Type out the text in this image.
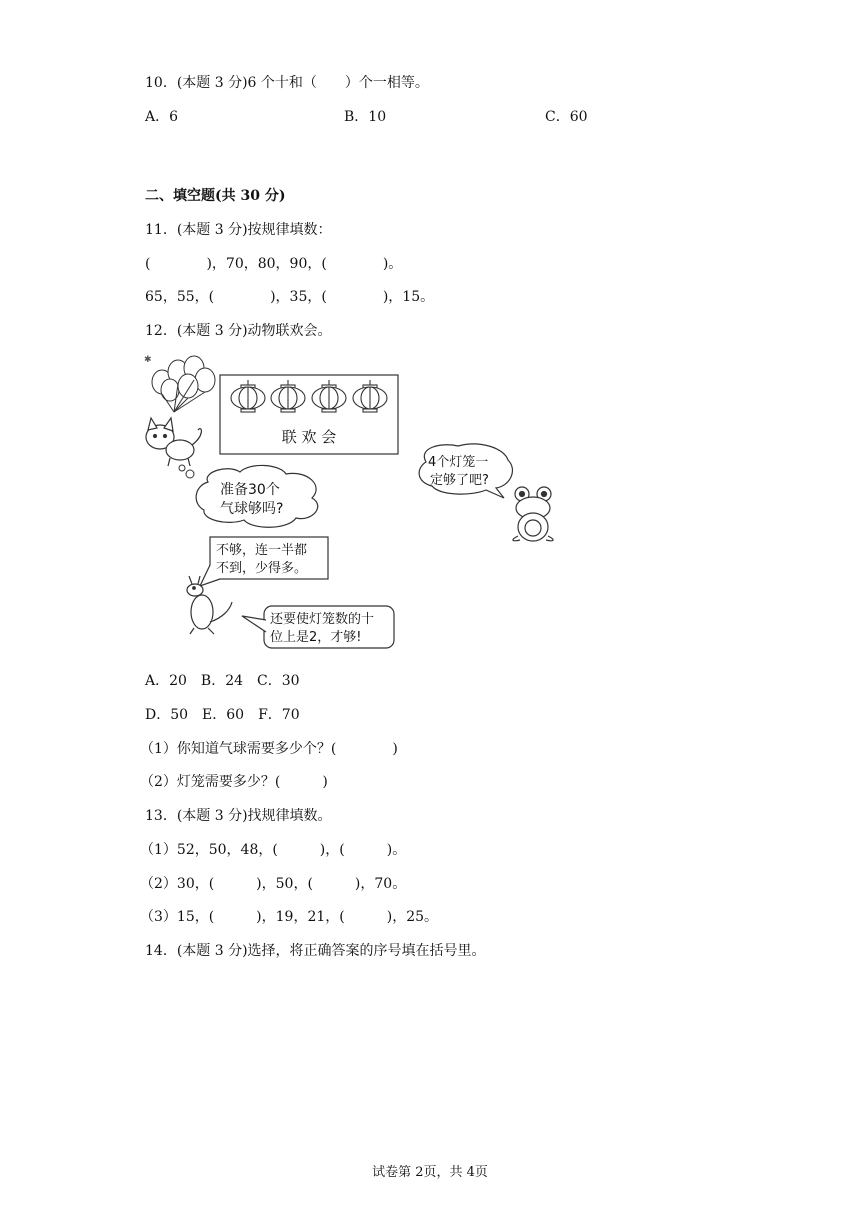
10．(本题 3 分)6 个十和（　　）个一相等。
A．6	B．10	C．60
二、填空题(共 30 分)
11．(本题 3 分)按规律填数：
(　　　　)，70，80，90，(　　　　)。
65，55，(　　　　)，35，(　　　　)，15。
12．(本题 3 分)动物联欢会。
✱
联 欢 会
准备30个
气球够吗?
4个灯笼一
定够了吧?
不够，连一半都
不到，少得多。
还要使灯笼数的十
位上是2，才够!
A．20　B．24　C．30
D．50　E．60　F．70
（1）你知道气球需要多少个？(　　　　)
（2）灯笼需要多少？(　　　)
13．(本题 3 分)找规律填数。
（1）52，50，48，(　　　)，(　　　)。
（2）30，(　　　)，50，(　　　)，70。
（3）15，(　　　)，19，21，(　　　)，25。
14．(本题 3 分)选择，将正确答案的序号填在括号里。
试卷第 2页，共 4页
